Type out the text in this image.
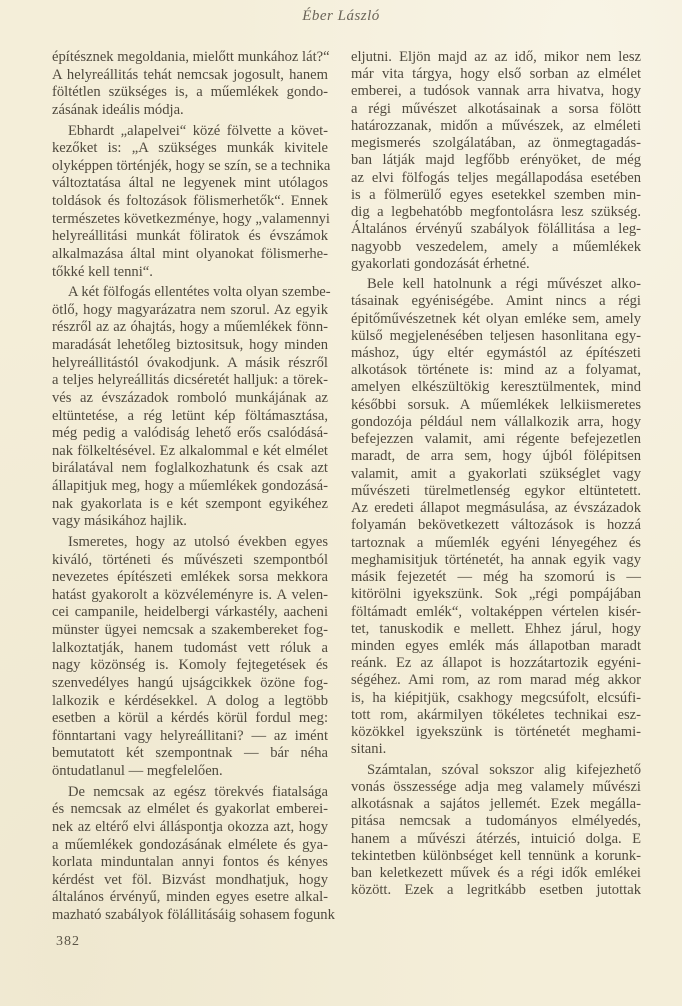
Éber László
építésznek megoldania, mielőtt munkához lát?“
A helyreállitás tehát nemcsak jogosult, hanem
föltétlen szükséges is, a műemlékek gondo-
zásának ideális módja.
Ebhardt „alapelvei“ közé fölvette a követ-
kezőket is: „A szükséges munkák kivitele
olyképpen történjék, hogy se szín, se a technika
változtatása által ne legyenek mint utólagos
toldások és foltozások fölismerhetők“. Ennek
természetes következménye, hogy „valamennyi
helyreállitási munkát föliratok és évszámok
alkalmazása által mint olyanokat fölismerhe-
tőkké kell tenni“.
A két fölfogás ellentétes volta olyan szembe-
ötlő, hogy magyarázatra nem szorul. Az egyik
részről az az óhajtás, hogy a műemlékek fönn-
maradását lehetőleg biztositsuk, hogy minden
helyreállitástól óvakodjunk. A másik részről
a teljes helyreállitás dicséretét halljuk: a törek-
vés az évszázadok romboló munkájának az
eltüntetése, a rég letünt kép föltámasztása,
még pedig a valódiság lehető erős csalódásá-
nak fölkeltésével. Ez alkalommal e két elmélet
birálatával nem foglalkozhatunk és csak azt
állapitjuk meg, hogy a műemlékek gondozásá-
nak gyakorlata is e két szempont egyikéhez
vagy másikához hajlik.
Ismeretes, hogy az utolsó években egyes
kiváló, történeti és művészeti szempontból
nevezetes építészeti emlékek sorsa mekkora
hatást gyakorolt a közvéleményre is. A velen-
cei campanile, heidelbergi várkastély, aacheni
münster ügyei nemcsak a szakembereket fog-
lalkoztatják, hanem tudomást vett róluk a
nagy közönség is. Komoly fejtegetések és
szenvedélyes hangú ujságcikkek özöne fog-
lalkozik e kérdésekkel. A dolog a legtöbb
esetben a körül a kérdés körül fordul meg:
fönntartani vagy helyreállitani? — az imént
bemutatott két szempontnak — bár néha
öntudatlanul — megfelelően.
De nemcsak az egész törekvés fiatalsága
és nemcsak az elmélet és gyakorlat emberei-
nek az eltérő elvi álláspontja okozza azt, hogy
a műemlékek gondozásának elmélete és gya-
korlata minduntalan annyi fontos és kényes
kérdést vet föl. Bizvást mondhatjuk, hogy
általános érvényű, minden egyes esetre alkal-
mazható szabályok fölállitásáig sohasem fogunk
eljutni. Eljön majd az az idő, mikor nem lesz
már vita tárgya, hogy első sorban az elmélet
emberei, a tudósok vannak arra hivatva, hogy
a régi művészet alkotásainak a sorsa fölött
határozzanak, midőn a művészek, az elméleti
megismerés szolgálatában, az önmegtagadás-
ban látják majd legfőbb erényöket, de még
az elvi fölfogás teljes megállapodása esetében
is a fölmerülő egyes esetekkel szemben min-
dig a legbehatóbb megfontolásra lesz szükség.
Általános érvényű szabályok fölállitása a leg-
nagyobb veszedelem, amely a műemlékek
gyakorlati gondozását érhetné.
Bele kell hatolnunk a régi művészet alko-
tásainak egyéniségébe. Amint nincs a régi
épitőművészetnek két olyan emléke sem, amely
külső megjelenésében teljesen hasonlitana egy-
máshoz, úgy eltér egymástól az építészeti
alkotások története is: mind az a folyamat,
amelyen elkészültökig keresztülmentek, mind
későbbi sorsuk. A műemlékek lelkiismeretes
gondozója például nem vállalkozik arra, hogy
befejezzen valamit, ami régente befejezetlen
maradt, de arra sem, hogy újból fölépitsen
valamit, amit a gyakorlati szükséglet vagy
művészeti türelmetlenség egykor eltüntetett.
Az eredeti állapot megmásulása, az évszázadok
folyamán bekövetkezett változások is hozzá
tartoznak a műemlék egyéni lényegéhez és
meghamisitjuk történetét, ha annak egyik vagy
másik fejezetét — még ha szomorú is —
kitörölni igyekszünk. Sok „régi pompájában
föltámadt emlék“, voltaképpen vértelen kisér-
tet, tanuskodik e mellett. Ehhez járul, hogy
minden egyes emlék más állapotban maradt
reánk. Ez az állapot is hozzátartozik egyéni-
ségéhez. Ami rom, az rom marad még akkor
is, ha kiépitjük, csakhogy megcsúfolt, elcsúfi-
tott rom, akármilyen tökéletes technikai esz-
közökkel igyekszünk is történetét meghami-
sitani.
Számtalan, szóval sokszor alig kifejezhető
vonás összessége adja meg valamely művészi
alkotásnak a sajátos jellemét. Ezek megálla-
pitása nemcsak a tudományos elmélyedés,
hanem a művészi átérzés, intuició dolga. E
tekintetben különbséget kell tennünk a korunk-
ban keletkezett művek és a régi idők emlékei
között. Ezek a legritkább esetben jutottak
382
